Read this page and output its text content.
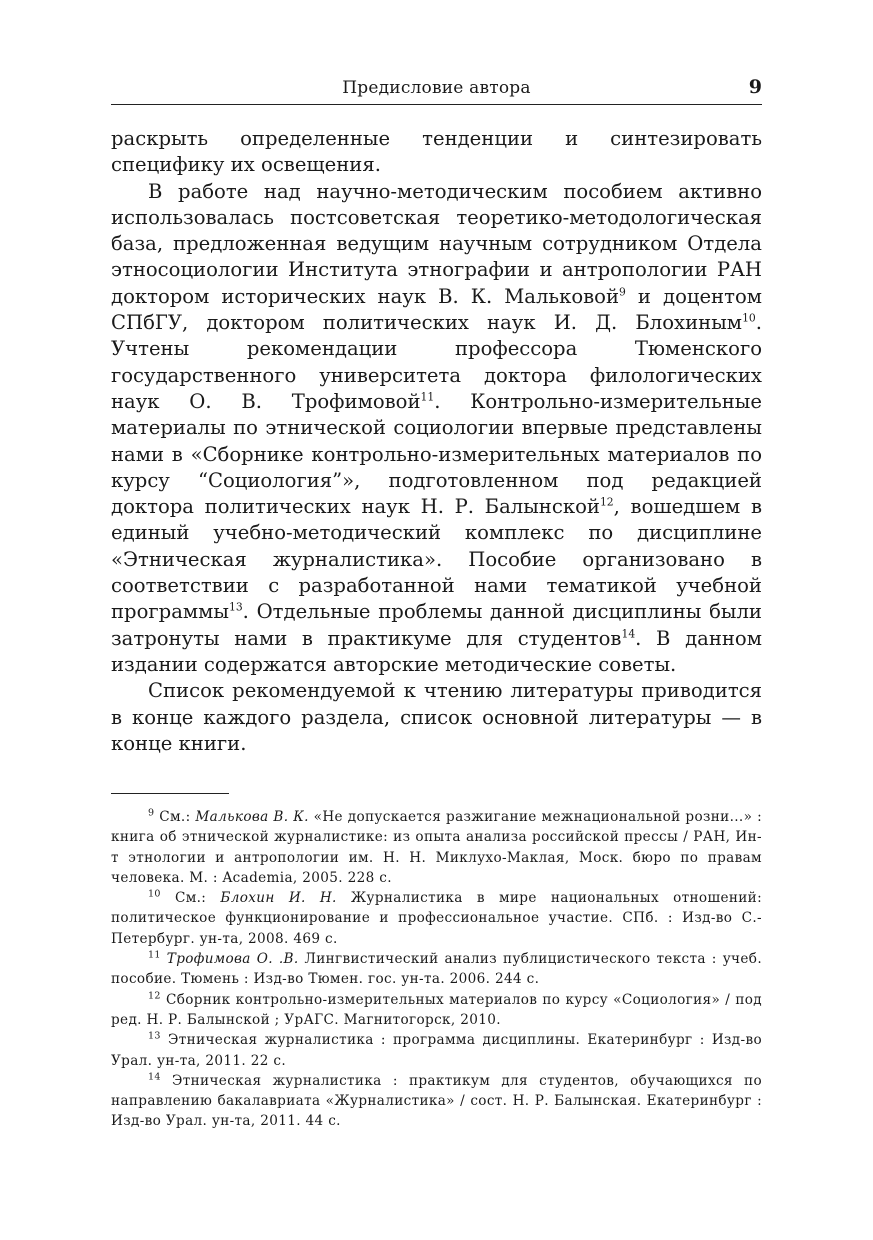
Предисловие автора	9

раскрыть определенные тенденции и синтезировать специфику их освещения.

В работе над научно-методическим пособием активно использовалась постсоветская теоретико-методологическая база, предложенная ведущим научным сотрудником Отдела этносоциологии Института этнографии и антропологии РАН доктором исторических наук В. К. Мальковой$^9$ и доцентом СПбГУ, доктором политических наук И. Д. Блохиным$^{10}$. Учтены рекомендации профессора Тюменского государственного университета доктора филологических наук О. В. Трофимовой$^{11}$. Контрольно-измерительные материалы по этнической социологии впервые представлены нами в «Сборнике контрольно-измерительных материалов по курсу “Социология”», подготовленном под редакцией доктора политических наук Н. Р. Балынской$^{12}$, вошедшем в единый учебно-методический комплекс по дисциплине «Этническая журналистика». Пособие организовано в соответствии с разработанной нами тематикой учебной программы$^{13}$. Отдельные проблемы данной дисциплины были затронуты нами в практикуме для студентов$^{14}$. В данном издании содержатся авторские методические советы.

Список рекомендуемой к чтению литературы приводится в конце каждого раздела, список основной литературы — в конце книги.

$^9$ См.: Малькова В. К. «Не допускается разжигание межнациональной розни...» : книга об этнической журналистике: из опыта анализа российской прессы / РАН, Ин-т этнологии и антропологии им. Н. Н. Миклухо-Маклая, Моск. бюро по правам человека. М. : Academia, 2005. 228 с.

$^{10}$ См.: Блохин И. Н. Журналистика в мире национальных отношений: политическое функционирование и профессиональное участие. СПб. : Изд-во С.-Петербург. ун-та, 2008. 469 с.

$^{11}$ Трофимова О. .В. Лингвистический анализ публицистического текста : учеб. пособие. Тюмень : Изд-во Тюмен. гос. ун-та. 2006. 244 с.

$^{12}$ Сборник контрольно-измерительных материалов по курсу «Социология» / под ред. Н. Р. Балынской ; УрАГС. Магнитогорск, 2010.

$^{13}$ Этническая журналистика : программа дисциплины. Екатеринбург : Изд-во Урал. ун-та, 2011. 22 с.

$^{14}$ Этническая журналистика : практикум для студентов, обучающихся по направлению бакалавриата «Журналистика» / сост. Н. Р. Балынская. Екатеринбург : Изд-во Урал. ун-та, 2011. 44 с.
